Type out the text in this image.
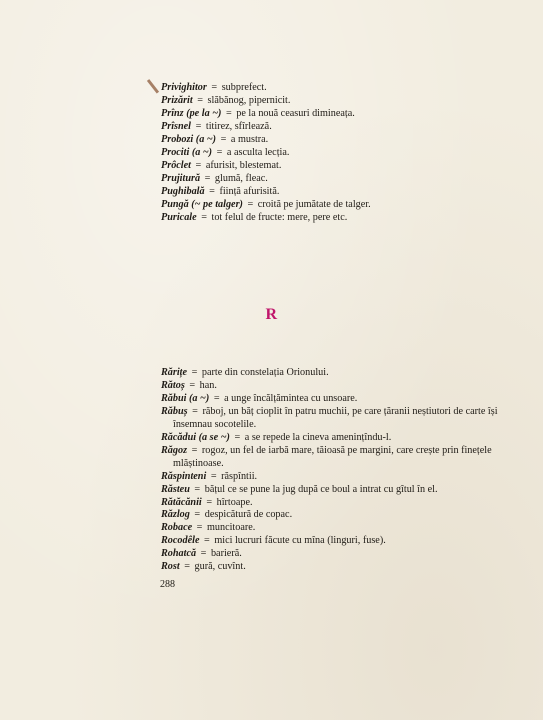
Privighitor = subprefect.

Prizărit = slăbănog, pipernicit.

Prînz (pe la ~) = pe la nouă ceasuri dimineața.

Prîsnel = titirez, sfîrlează.

Probozi (a ~) = a mustra.

Prociti (a ~) = a asculta lecția.

Prôclet = afurisit, blestemat.

Prujitură = glumă, fleac.

Pughibală = ființă afurisită.

Pungă (~ pe talger) = croită pe jumătate de talger.

Puricale = tot felul de fructe: mere, pere etc.

R

Rărițe = parte din constelația Orionului.

Rătoș = han.

Răbui (a ~) = a unge încălțămintea cu unsoare.

Răbuș = răboj, un băț cioplit în patru muchii, pe care țăranii neștiutori de carte își însemnau socotelile.

Răcădui (a se ~) = a se repede la cineva amenințîndu-l.

Răgoz = rogoz, un fel de iarbă mare, tăioasă pe margini, care crește prin finețele mlăștinoase.

Răspinteni = răspîntii.

Răsteu = bățul ce se pune la jug după ce boul a intrat cu gîtul în el.

Rătăcănii = hîrtoape.

Răzlog = despicătură de copac.

Robace = muncitoare.

Rocodêle = mici lucruri făcute cu mîna (linguri, fuse).

Rohatcă = barieră.

Rost = gură, cuvînt.

288
